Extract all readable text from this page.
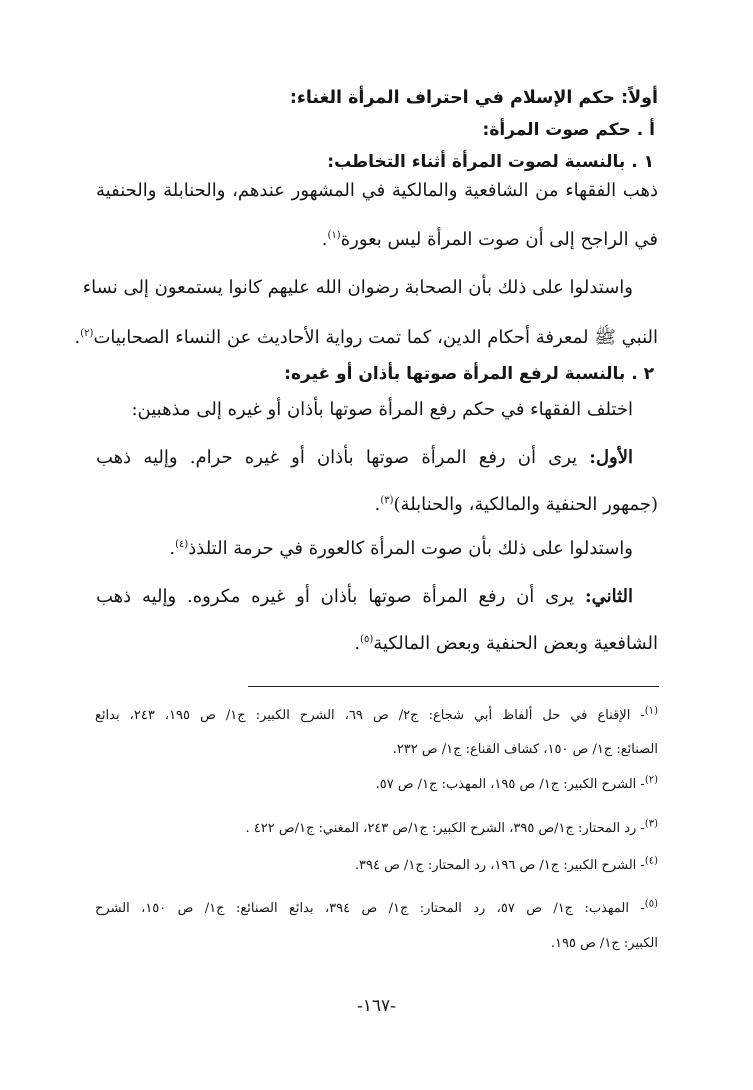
أولاً: حكم الإسلام في احتراف المرأة الغناء:
أ . حكم صوت المرأة:
١ . بالنسبة لصوت المرأة أثناء التخاطب:
ذهب الفقهاء من الشافعية والمالكية في المشهور عندهم، والحنابلة والحنفية
في الراجح إلى أن صوت المرأة ليس بعورة$^{(١)}$.
واستدلوا على ذلك بأن الصحابة رضوان الله عليهم كانوا يستمعون إلى نساء
النبي ﷺ لمعرفة أحكام الدين، كما تمت رواية الأحاديث عن النساء الصحابيات$^{(٢)}$.
٢ . بالنسبة لرفع المرأة صوتها بأذان أو غيره:
اختلف الفقهاء في حكم رفع المرأة صوتها بأذان أو غيره إلى مذهبين:
الأول: يرى أن رفع المرأة صوتها بأذان أو غيره حرام. وإليه ذهب
(جمهور الحنفية والمالكية، والحنابلة)$^{(٣)}$.
واستدلوا على ذلك بأن صوت المرأة كالعورة في حرمة التلذذ$^{(٤)}$.
الثاني: يرى أن رفع المرأة صوتها بأذان أو غيره مكروه. وإليه ذهب
الشافعية وبعض الحنفية وبعض المالكية$^{(٥)}$.
$^{(١)}$- الإقناع في حل ألفاظ أبي شجاع: ج٢/ ص ٦٩، الشرح الكبير: ج١/ ص ١٩٥، ٢٤٣، بدائع
الصنائع: ج١/ ص ١٥٠، كشاف القناع: ج١/ ص ٢٣٢.
$^{(٢)}$- الشرح الكبير: ج١/ ص ١٩٥، المهذب: ج١/ ص ٥٧.
$^{(٣)}$- رد المحتار: ج١/ص ٣٩٥، الشرح الكبير: ج١/ص ٢٤٣، المغني: ج١/ص ٤٢٢ .
$^{(٤)}$- الشرح الكبير: ج١/ ص ١٩٦، رد المحتار: ج١/ ص ٣٩٤.
$^{(٥)}$- المهذب: ج١/ ص ٥٧، رد المحتار: ج١/ ص ٣٩٤، بدائع الصنائع: ج١/ ص ١٥٠، الشرح
الكبير: ج١/ ص ١٩٥.
-١٦٧-
